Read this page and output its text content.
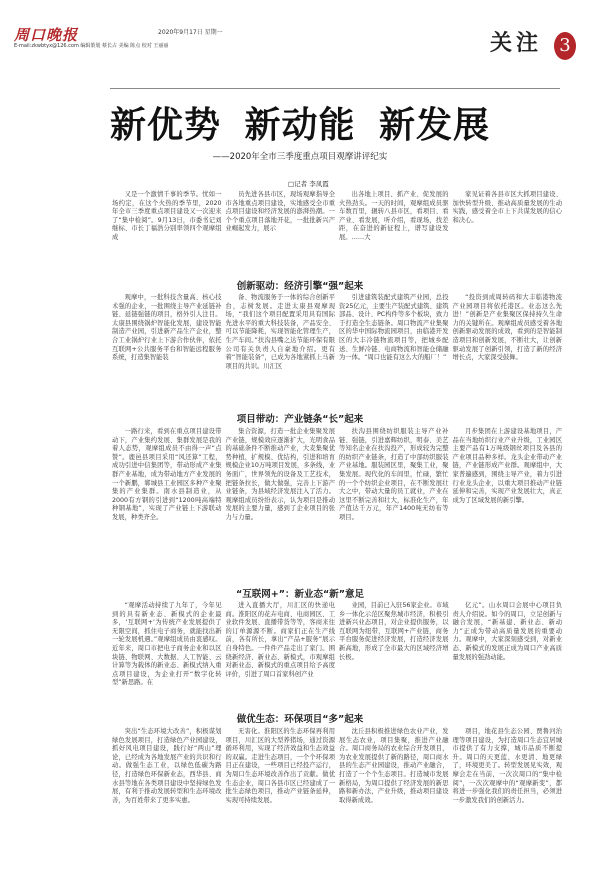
周口晚报	2020年9月17日 星期一
E-mail:zkwbtyx@126.com 编辑策划 蔡长占 美编 陈点 校对 王丽丽	关注 3
新优势 新动能 新发展
——2020年全市三季度重点项目观摩讲评纪实
□记者 李凤霞

又是一个激情千事的季节。忧如一场约定，在这个火热的季节里，2020年全市三季度重点项目建设又一次迎来了“集中检阅”。9月13日，市委书记刘继标、市长丁福浩分别率领四个观摩组成

员先进各县市区，现场观摩指导全市各地重点项目建设，实地感受全市重点项目建设和经济发展的澎湃热潮。一个个重点项目落地开花，一批批新兴产业崛起发力，展示

出各地上项目、抓产业、促发展的火热劲头。一天的时间，观摩组成员驱车数百里，辗转八县市区，看项目、看产业、看发展，听介绍，看现场，找差距，在奋进的新征程上，谱写建设发展。……大

家见证着各县市区大抓项目建设、加快转型升级、推动高质量发展的生动实践，感受着全市上下共谋发展的信心和决心。

创新驱动：经济引擎“强”起来

观摩中，一批科技含量高、核心技术强的企业，一批围绕主导产业延链补链、延链强链的项目，格外引人注目。太康县围绕锅炉智能化发展，建设智能制造产业园，引进新产品生产企业，整合工业锅炉行业上下游合作伙伴，依托互联网+公共服务平台和智能远程服务系统，打造集智能装

备、物流服务于一体的综合创新平台，志树发展。走进太康县观摩现场，“我们这个项目配置采用具有国际先进水平的重大科技装备，产品安全、可以节能降耗，实现智能化管理生产，生产车间。”扶沟县嘴之达节能环保有限公司有关负责人自豪地介绍。更有着“智能装备”，已成为各地紧抓上马新项目的共识。川汇区

引进建筑装配式建筑产业园，总投资25亿元，主要生产装配式建筑、建筑部品、设计、PC构件等多个板块，致力于打造全生态链条。周口物流产业集聚区的华中国际物流园项目，由临港开发区的大丰冷链物流项目等，把城乡配送、生鲜冷链、电商物流和智能仓储融为一体。“周口也能有这么大的船厂！”

“投资到成周转码和大丰临港物流产业园项目将依托港区。业态这么先进！”创新是产业集聚区保持持久生命力的关键所在。观摩组成员感受着各地创新驱动发展的成效，看到的是智能制造项目和创新发展，不断壮大，让创新驱动发展了创新引领，打造了新的经济增长点，大家深受鼓舞。

项目带动：产业链条“长”起来

一路行来，看到在重点项目建设带动下，产业集约发展、集群发展是我的着人态势，观摩组成员不由得一声“点赞”。鹿邑县项目采用“风还算”工程，成功引进中信集团等，带动形成产业集群产业基地，成为带动地方产业发展的一个新鹏，郸城县工业园区多种产业聚集的产业集群。南水县制造业，从2000有方钢的引进到“1200吨高端特种钢基地”，实现了产业链上下游联动发展，种类齐全。

集合资源，打造一批企业集聚发展产业链，规模效应逐渐扩大，光明食品的基础条件不断推动产业，大麦集聚优势种植，扩规模、优结构，引进和培育规模企业10万吨项目发展，多条线，业务面广，世界领先的设备及工艺技术，把链条拉长，做大做强，完善上下游产业链条，为县域经济发展注入了活力。观摩组成员纷纷表示，认为项目是推动发展的主要力量，感到了企业项目的张力与力量。

扶沟县围绕纺织服装主导产业补链、强链，引进嘉辉纺织，明泰、美艺等知名企业在扶沟投产，形成较为完整的纺织产业链条，打造了中部纺织服装产业基地。服装园区里，聚集工业，聚集发展。现代化的车间里，忙碌，繁忙的一个个纺织企业项目，在不断发展壮大之中，带动大量的员工就业，产业在这里不断完善和壮大，标准化生产，年产值达千万元，年产1400吨无纺布等项目。

月步集团在上游建设基地项目，产品在当地纺织行业产业升级，工业园区主要产品有1万吨级钢丝项目及各县的产业项目品种多样。龙头企业带动产业链，产业链形成产业群。观摩组中，大家普遍感到，围绕主导产业，着力引进行业龙头企业，以重大项目推动产业链延伸和完善，实现产业发展壮大，真正成为了区域发展的新引擎。

“互联网+”：新业态“新”意足

“观摩活动持续了九年了，今年见到的具有新业态、新模式的企业最多，‘互联网+’为传统产业发展提供了无限空间，抓住电子商务，就能找出新一轮发展机遇。”观摩组成员由衷感叹。近年来，周口市把电子商务企业和以区块链、物联网、大数据、人工智能、云计算等为载体的新业态、新模式纳入重点项目建设，为企业打开“数字化转型”新思路。在

进入直播大厅，川汇区的快递电商。淮阳区的花卉电商、电商园区、工业软件发展、直播带货等等，客商来往的订单源源不断。商家们正在生产线前，各有所长，拿出“产品+服务”展示自身特色。一件件产品走出了家门。围绕新经济、新业态、新模式，市观摩组对新业态、新模式的重点项目给予高度评价，引进了周口首家科创产业

业园，目前已入驻56家企业。市域乡一体化示范区聚焦城市经济，积极引进新兴业态项目，对企业提供服务，以互联网为纽带，互联网+产业链，商务平台服务促进经济发展，打造经济发展新高地，形成了全市最大的区域经济增长极。

亿元”。山水周口会展中心项目负责人介绍说。如今的周口，立足创新与融合发展，“新基建、新业态、新动力”正成为带动高质量发展的重要动力。观摩中，大家深刻感受到，对新业态、新模式的发展正成为周口产业高质量发展的强劲动能。

做优生态：环保项目“多”起来

突出“生态环境大改善”，积极谋划绿色发展项目，打造绿色产业园建设，抓好风电项目建设，践行好“两山”理论，已经成为各地发展产业的共识和行动。做强生态工业，以绿色低碳为路径，打造绿色环保新业态，西华县、商水县等地在各类项目建设中坚持绿色发展，有利于推动发展转型和生态环境改善，为百姓带来了更多实惠。

无害化。淮阳区的生态环保再利用项目，川汇区的大型养猪场，通过资源循环利用，实现了经济效益和生态效益的双赢。走进生态项目，一个个环保项目正在建设，一些项目已经投产运行，为周口生态环境改善作出了贡献。做优生态企业，周口各县市区已经建成了一批生态绿色项目，推动产业链条延伸，实现可持续发展。

沈丘县积极推进绿色农业产业，发展生态农业，项目集聚，推进产业融合。周口商务局的农业综合开发项目，为农业发展提供了新的路径，周口商水县的生态产业园建设，推动产业融合，打造了一个个生态项目。打造城市发展新格局，为周口提供了经济发展的新思路和新办法，产业升级，推动项目建设取得新成效。

项目，地花县生态公园、贾鲁河治理等项目建设，为打造周口生态宜居城市提供了有力支撑，城市品质不断提升。周口的天更蓝、水更清、地更绿了，环境更美了。转型发展见实效，观摩会走在当前，一次次周口的“集中检阅”，一次次观摩中的“观摩新变”，都将进一步强化我们的责任担当，必须进一步激发我们的创新活力。
